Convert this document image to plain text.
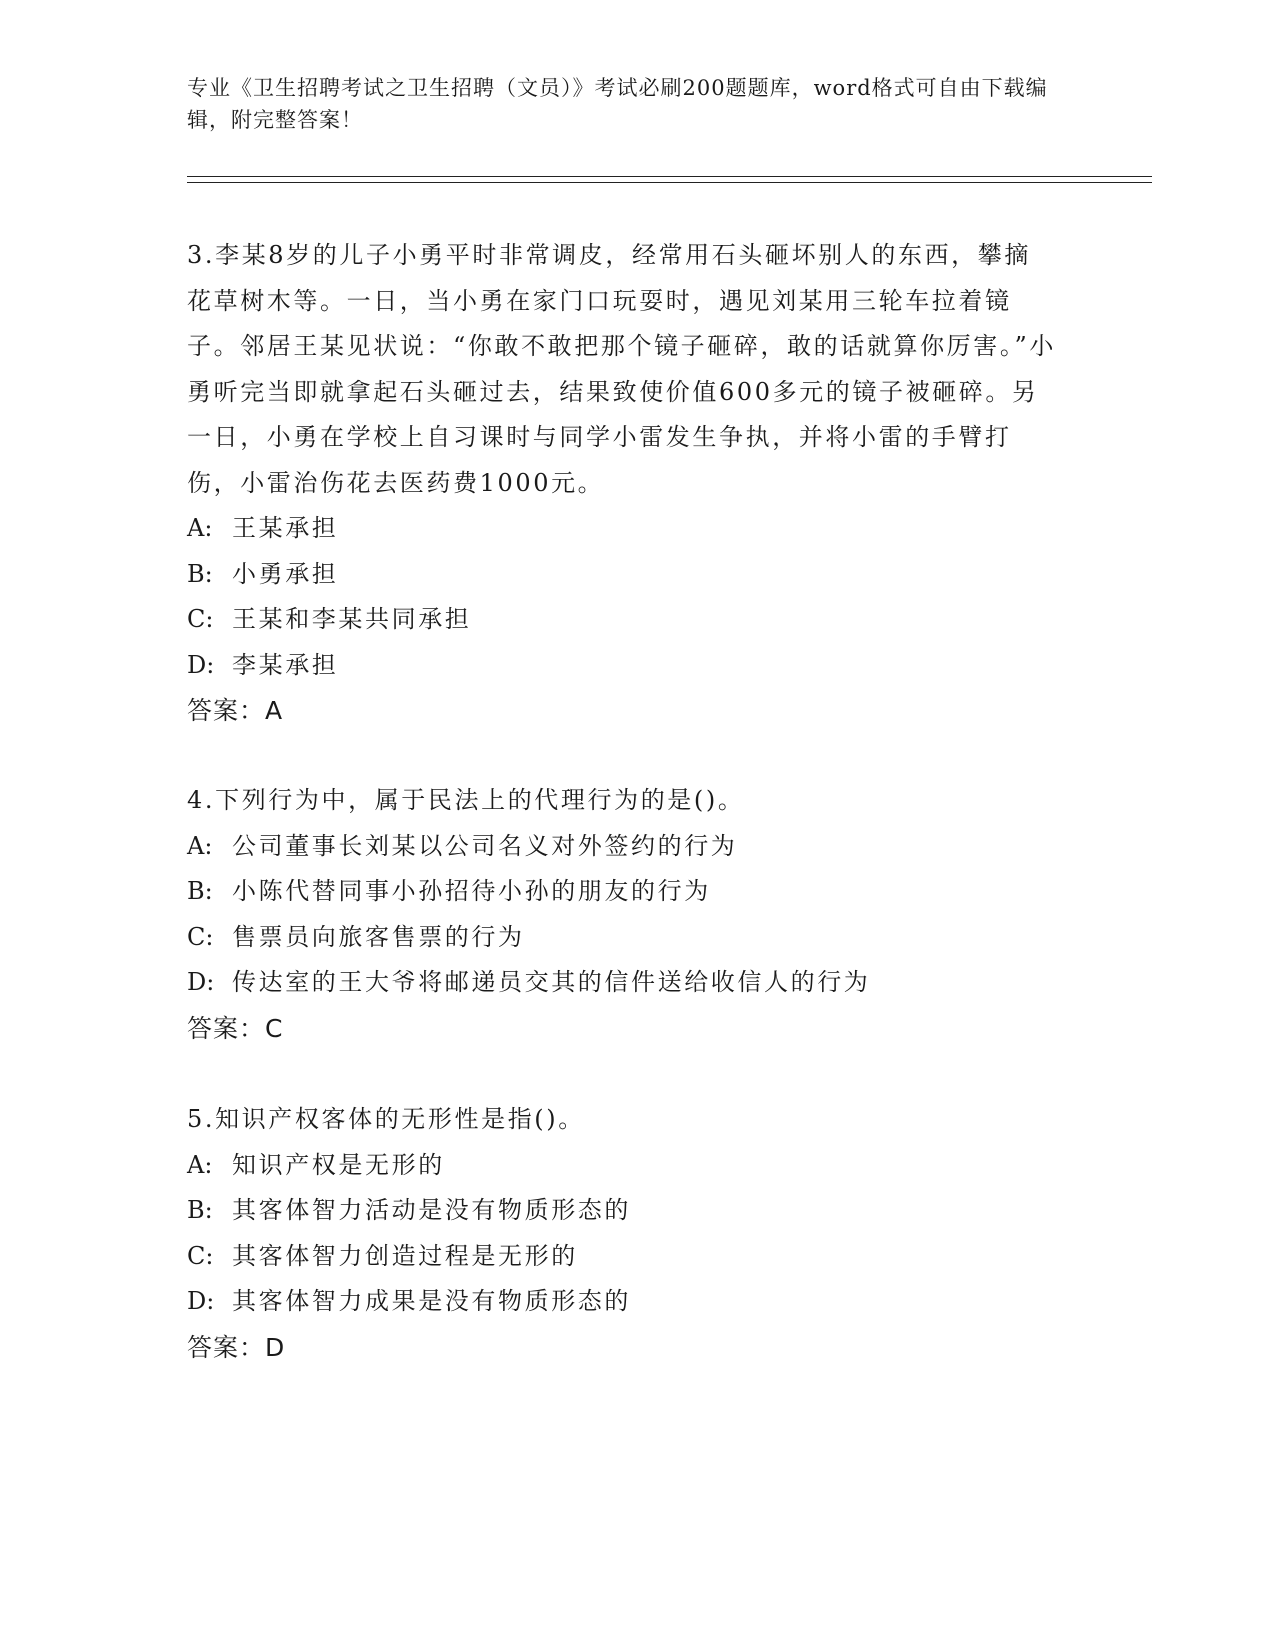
专业《卫生招聘考试之卫生招聘（文员）》考试必刷200题题库，word格式可自由下载编辑，附完整答案！

3.李某8岁的儿子小勇平时非常调皮，经常用石头砸坏别人的东西，攀摘花草树木等。一日，当小勇在家门口玩耍时，遇见刘某用三轮车拉着镜子。邻居王某见状说：“你敢不敢把那个镜子砸碎，敢的话就算你厉害。”小勇听完当即就拿起石头砸过去，结果致使价值600多元的镜子被砸碎。另一日，小勇在学校上自习课时与同学小雷发生争执，并将小雷的手臂打伤，小雷治伤花去医药费1000元。

A: 王某承担

B: 小勇承担

C: 王某和李某共同承担

D: 李某承担

答案：A

4.下列行为中，属于民法上的代理行为的是()。

A: 公司董事长刘某以公司名义对外签约的行为

B: 小陈代替同事小孙招待小孙的朋友的行为

C: 售票员向旅客售票的行为

D: 传达室的王大爷将邮递员交其的信件送给收信人的行为

答案：C

5.知识产权客体的无形性是指()。

A: 知识产权是无形的

B: 其客体智力活动是没有物质形态的

C: 其客体智力创造过程是无形的

D: 其客体智力成果是没有物质形态的

答案：D
